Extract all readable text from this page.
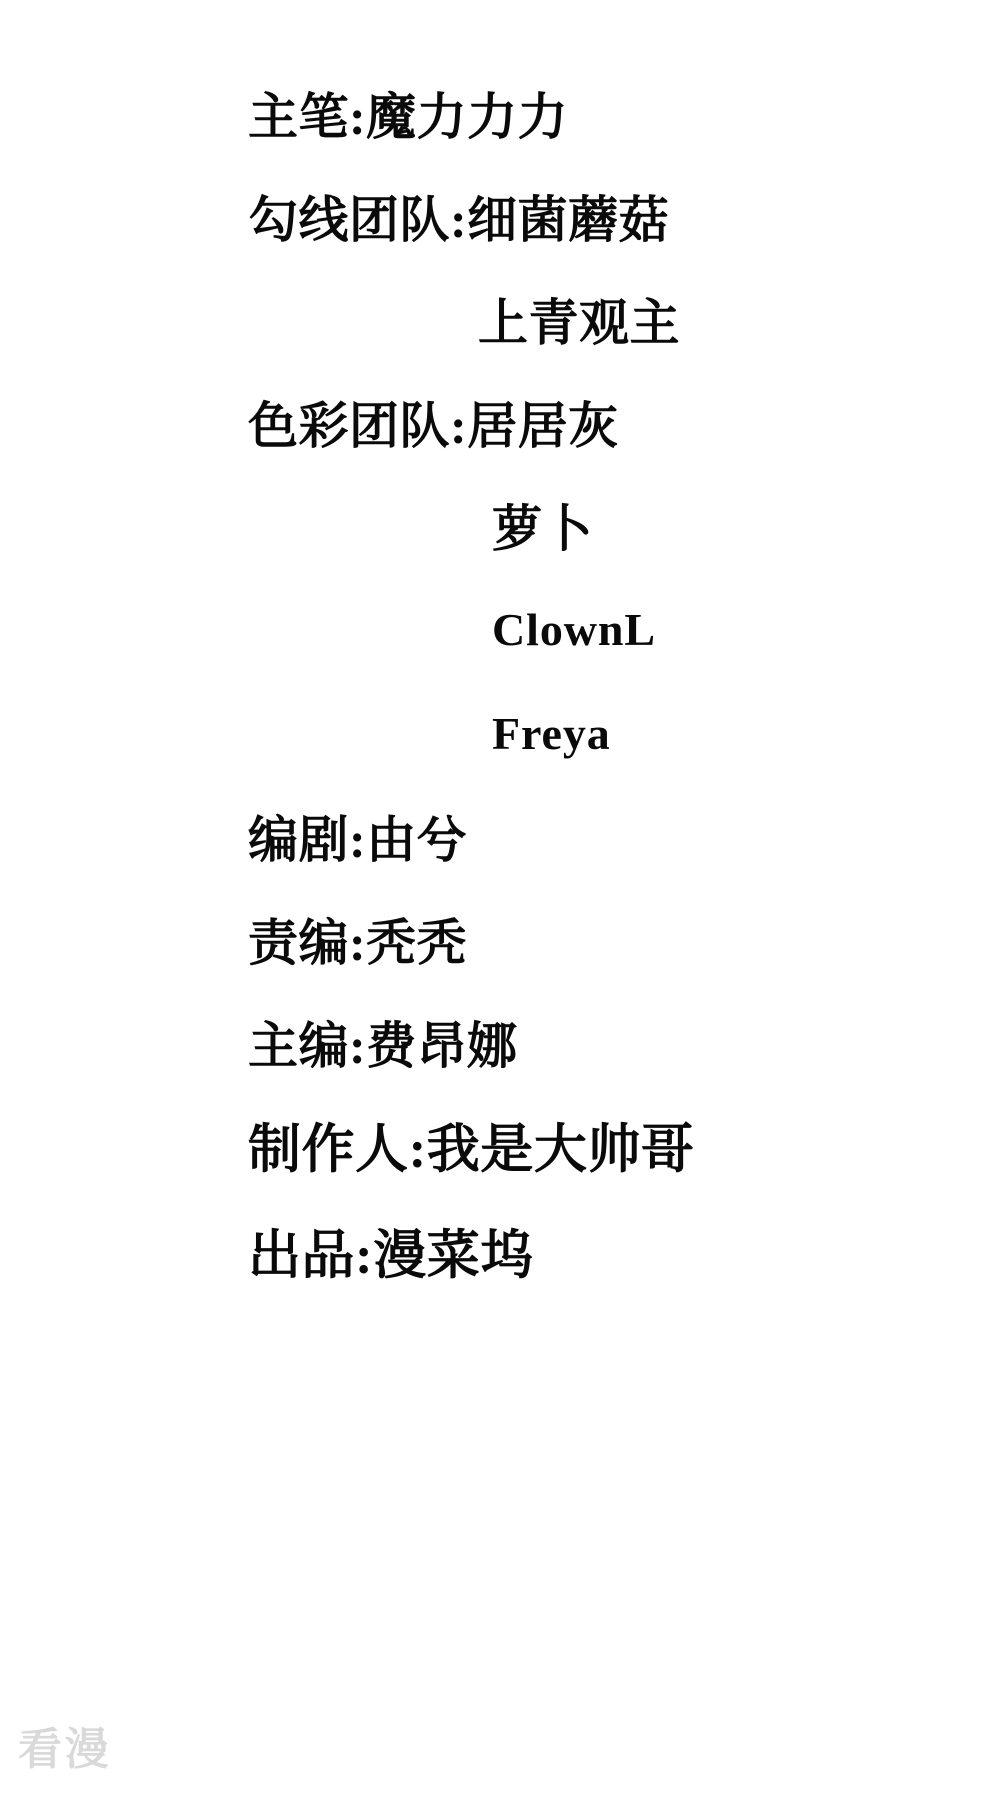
主笔:魔力力力
勾线团队:细菌蘑菇
上青观主
色彩团队:居居灰
萝卜
ClownL
Freya
编剧:由兮
责编:秃秃
主编:费昂娜
制作人:我是大帅哥
出品:漫菜坞
看漫
